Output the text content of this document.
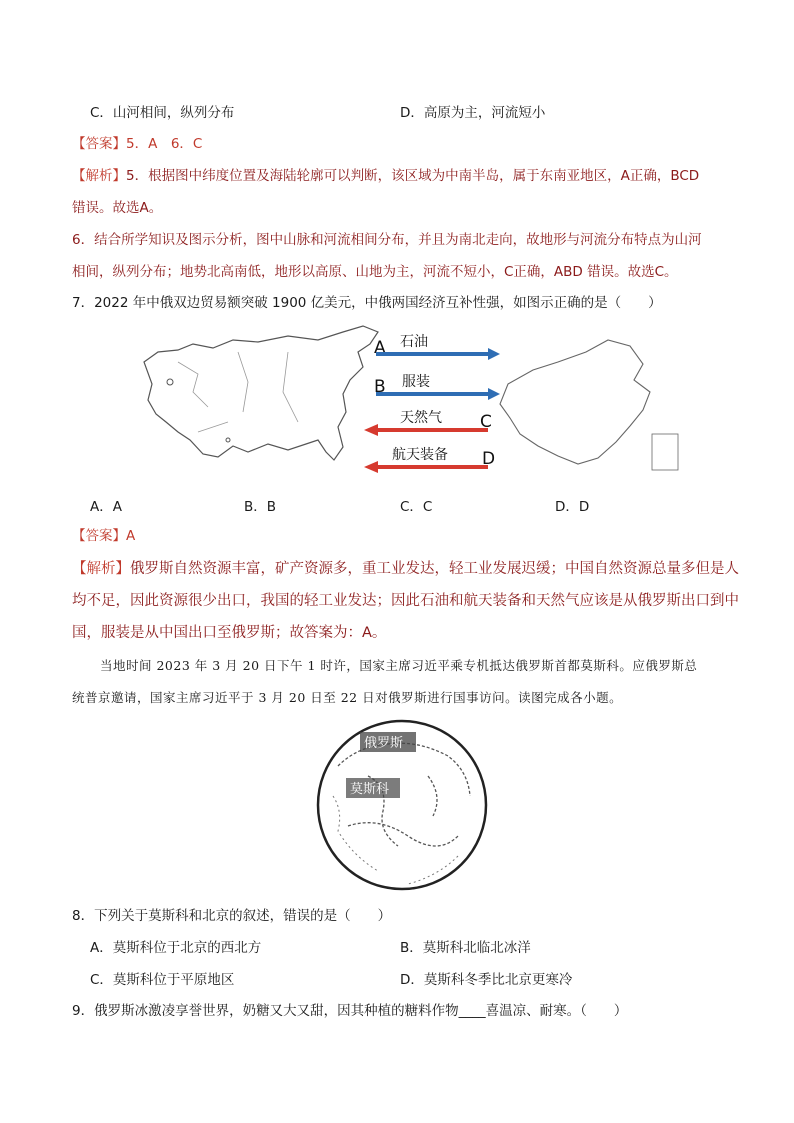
C．山河相间，纵列分布	D．高原为主，河流短小
【答案】5．A　6．C
【解析】5．根据图中纬度位置及海陆轮廓可以判断，该区域为中南半岛，属于东南亚地区，A正确，BCD
错误。故选A。
6．结合所学知识及图示分析，图中山脉和河流相间分布，并且为南北走向，故地形与河流分布特点为山河
相间，纵列分布；地势北高南低，地形以高原、山地为主，河流不短小，C正确，ABD 错误。故选C。
7．2022 年中俄双边贸易额突破 1900 亿美元，中俄两国经济互补性强，如图示正确的是（　　）
A 石油
B 服装
天然气 C
航天装备 D
A．A	B．B	C．C	D．D
【答案】A
【解析】俄罗斯自然资源丰富，矿产资源多，重工业发达，轻工业发展迟缓；中国自然资源总量多但是人
均不足，因此资源很少出口，我国的轻工业发达；因此石油和航天装备和天然气应该是从俄罗斯出口到中
国，服装是从中国出口至俄罗斯；故答案为：A。
当地时间 2023 年 3 月 20 日下午 1 时许，国家主席习近平乘专机抵达俄罗斯首都莫斯科。应俄罗斯总
统普京邀请，国家主席习近平于 3 月 20 日至 22 日对俄罗斯进行国事访问。读图完成各小题。
俄罗斯
莫斯科
8．下列关于莫斯科和北京的叙述，错误的是（　　）
A．莫斯科位于北京的西北方	B．莫斯科北临北冰洋
C．莫斯科位于平原地区	D．莫斯科冬季比北京更寒冷
9．俄罗斯冰激凌享誉世界，奶糖又大又甜，因其种植的糖料作物____喜温凉、耐寒。（　　）
